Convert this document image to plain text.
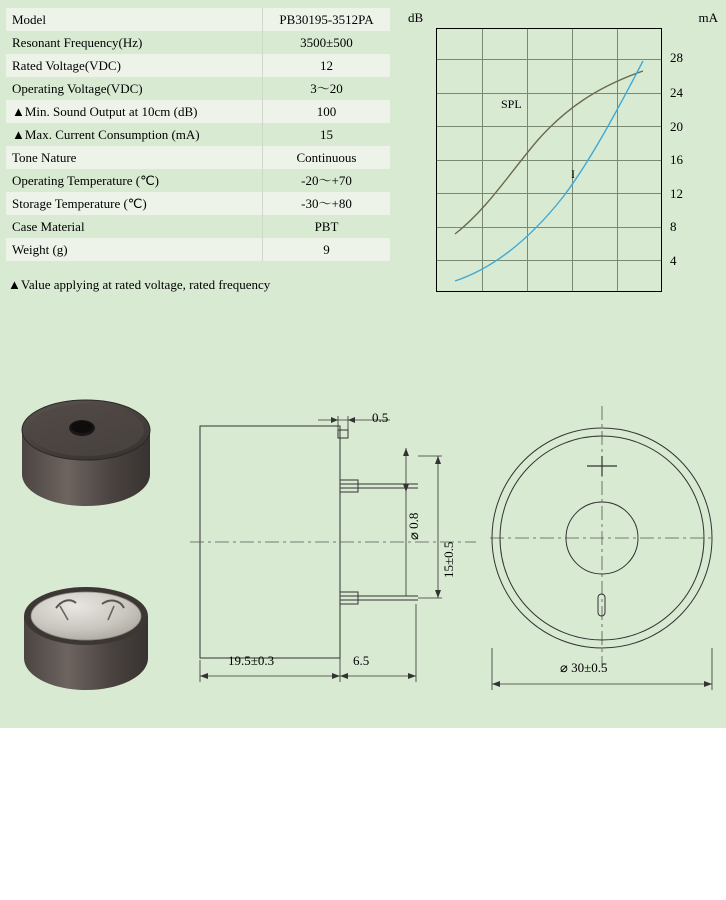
Model	PB30195-3512PA
Resonant Frequency(Hz)	3500±500
Rated Voltage(VDC)	12
Operating Voltage(VDC)	3～20
▲Min. Sound Output at 10cm (dB)	100
▲Max. Current Consumption (mA)	15
Tone Nature	Continuous
Operating Temperature (℃)	-20～+70
Storage Temperature (℃)	-30～+80
Case Material	PBT
Weight (g)	9
▲Value applying at rated voltage, rated frequency
dB	mA
28
24
20
16
12
8
4
SPL
I
0.5
⌀ 0.8
15±0.5
19.5±0.3	6.5	⌀ 30±0.5
